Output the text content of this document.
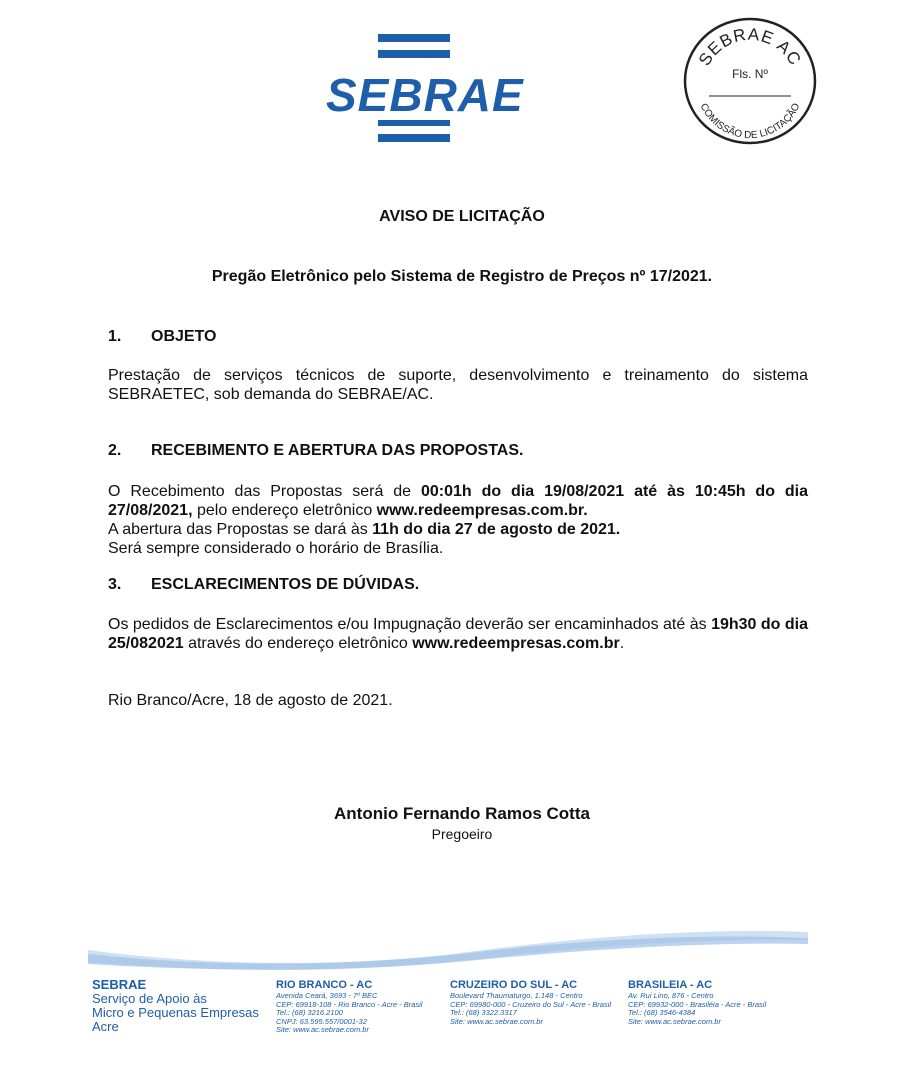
SEBRAE
SEBRAE AC
Fls. Nº
COMISSÃO DE LICITAÇÃO
AVISO DE LICITAÇÃO
Pregão Eletrônico pelo Sistema de Registro de Preços nº 17/2021.
1. OBJETO
Prestação de serviços técnicos de suporte, desenvolvimento e treinamento do sistema SEBRAETEC, sob demanda do SEBRAE/AC.
2. RECEBIMENTO E ABERTURA DAS PROPOSTAS.
O Recebimento das Propostas será de 00:01h do dia 19/08/2021 até às 10:45h do dia 27/08/2021, pelo endereço eletrônico www.redeempresas.com.br.
A abertura das Propostas se dará às 11h do dia 27 de agosto de 2021.
Será sempre considerado o horário de Brasília.
3. ESCLARECIMENTOS DE DÚVIDAS.
Os pedidos de Esclarecimentos e/ou Impugnação deverão ser encaminhados até às 19h30 do dia 25/082021 através do endereço eletrônico www.redeempresas.com.br.
Rio Branco/Acre, 18 de agosto de 2021.
Antonio Fernando Ramos Cotta
Pregoeiro
SEBRAE
Serviço de Apoio às
Micro e Pequenas Empresas
Acre
RIO BRANCO - AC
Avenida Ceará, 3693 - 7º BEC
CEP: 69918-108 - Rio Branco - Acre - Brasil
Tel.: (68) 3216.2100
CNPJ: 63.595.557/0001-32
Site: www.ac.sebrae.com.br
CRUZEIRO DO SUL - AC
Boulevard Thaumaturgo, 1.148 - Centro
CEP: 69980-000 - Cruzeiro do Sul - Acre - Brasil
Tel.: (68) 3322.3317
Site: www.ac.sebrae.com.br
BRASILEIA - AC
Av. Rui Lino, 876 - Centro
CEP: 69932-000 - Brasiléia - Acre - Brasil
Tel.: (68) 3546-4384
Site: www.ac.sebrae.com.br
